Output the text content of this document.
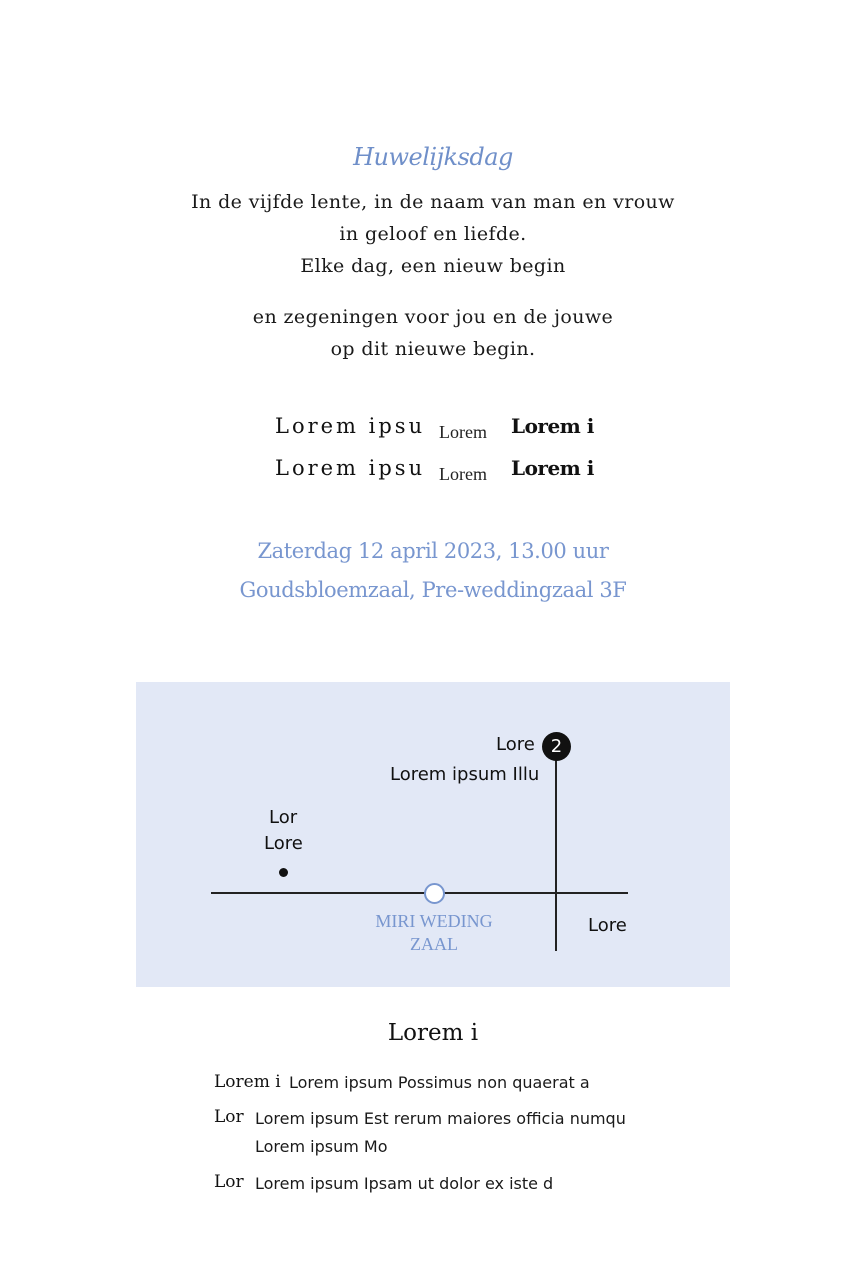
Huwelijksdag
In de vijfde lente, in de naam van man en vrouw
in geloof en liefde.
Elke dag, een nieuw begin
en zegeningen voor jou en de jouwe
op dit nieuwe begin.
Lorem ipsu Lorem Lorem i
Lorem ipsu Lorem Lorem i
Zaterdag 12 april 2023, 13.00 uur
Goudsbloemzaal, Pre-weddingzaal 3F
Lore 2
Lorem ipsum Illu
Lor
Lore
MIRI WEDING
ZAAL
Lore
Lorem i
Lorem i Lorem ipsum Possimus non quaerat a
Lor Lorem ipsum Est rerum maiores officia numqu
Lorem ipsum Mo
Lor Lorem ipsum Ipsam ut dolor ex iste d
